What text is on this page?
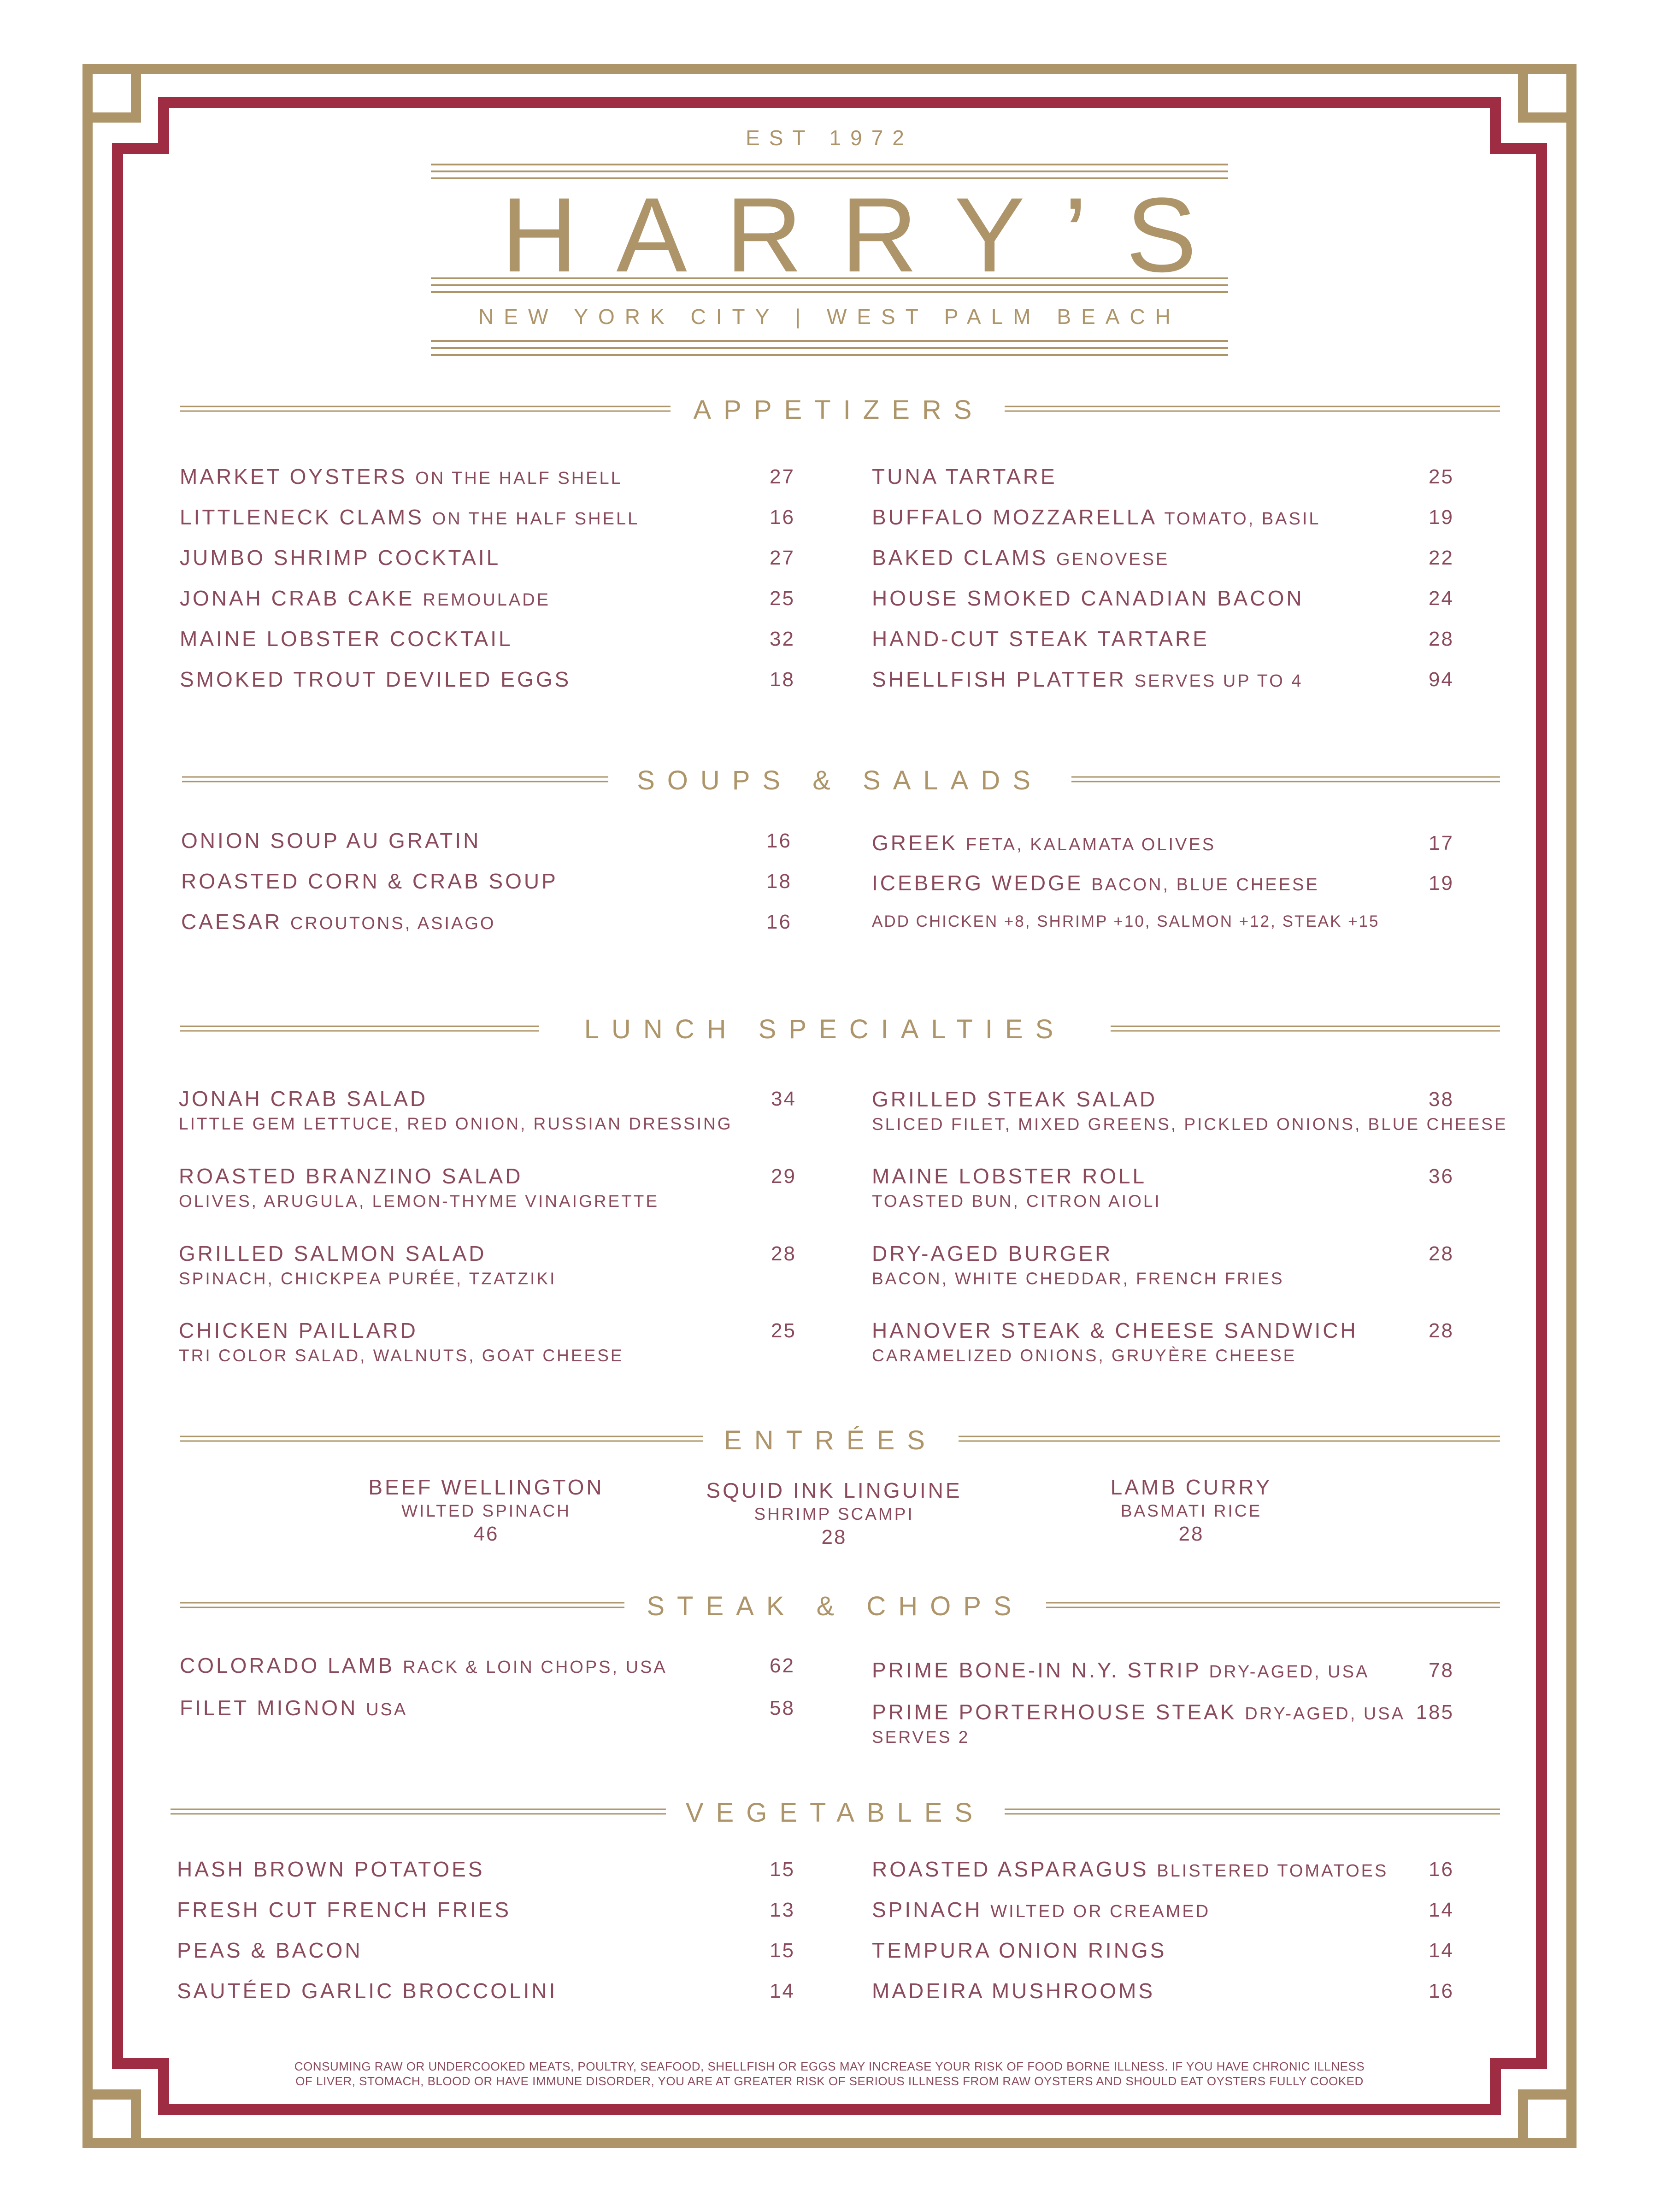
EST 1972
HARRY’S
NEW YORK CITY | WEST PALM BEACH
APPETIZERS
MARKET OYSTERS ON THE HALF SHELL	27
LITTLENECK CLAMS ON THE HALF SHELL	16
JUMBO SHRIMP COCKTAIL	27
JONAH CRAB CAKE REMOULADE	25
MAINE LOBSTER COCKTAIL	32
SMOKED TROUT DEVILED EGGS	18
TUNA TARTARE	25
BUFFALO MOZZARELLA TOMATO, BASIL	19
BAKED CLAMS GENOVESE	22
HOUSE SMOKED CANADIAN BACON	24
HAND-CUT STEAK TARTARE	28
SHELLFISH PLATTER SERVES UP TO 4	94
SOUPS & SALADS
ONION SOUP AU GRATIN	16
ROASTED CORN & CRAB SOUP	18
CAESAR CROUTONS, ASIAGO	16
GREEK FETA, KALAMATA OLIVES	17
ICEBERG WEDGE BACON, BLUE CHEESE	19
ADD CHICKEN +8, SHRIMP +10, SALMON +12, STEAK +15
LUNCH SPECIALTIES
JONAH CRAB SALAD
LITTLE GEM LETTUCE, RED ONION, RUSSIAN DRESSING
34
ROASTED BRANZINO SALAD
OLIVES, ARUGULA, LEMON-THYME VINAIGRETTE
29
GRILLED SALMON SALAD
SPINACH, CHICKPEA PURÉE, TZATZIKI
28
CHICKEN PAILLARD
TRI COLOR SALAD, WALNUTS, GOAT CHEESE
25
GRILLED STEAK SALAD
SLICED FILET, MIXED GREENS, PICKLED ONIONS, BLUE CHEESE
38
MAINE LOBSTER ROLL
TOASTED BUN, CITRON AIOLI
36
DRY-AGED BURGER
BACON, WHITE CHEDDAR, FRENCH FRIES
28
HANOVER STEAK & CHEESE SANDWICH
CARAMELIZED ONIONS, GRUYÈRE CHEESE
28
ENTRÉES
BEEF WELLINGTON
WILTED SPINACH
46
SQUID INK LINGUINE
SHRIMP SCAMPI
28
LAMB CURRY
BASMATI RICE
28
STEAK & CHOPS
COLORADO LAMB RACK & LOIN CHOPS, USA	62
FILET MIGNON USA	58
PRIME BONE-IN N.Y. STRIP DRY-AGED, USA	78
PRIME PORTERHOUSE STEAK DRY-AGED, USA 185
SERVES 2
VEGETABLES
HASH BROWN POTATOES	15
FRESH CUT FRENCH FRIES	13
PEAS & BACON	15
SAUTÉED GARLIC BROCCOLINI	14
ROASTED ASPARAGUS BLISTERED TOMATOES	16
SPINACH WILTED OR CREAMED	14
TEMPURA ONION RINGS	14
MADEIRA MUSHROOMS	16
CONSUMING RAW OR UNDERCOOKED MEATS, POULTRY, SEAFOOD, SHELLFISH OR EGGS MAY INCREASE YOUR RISK OF FOOD BORNE ILLNESS. IF YOU HAVE CHRONIC ILLNESS
OF LIVER, STOMACH, BLOOD OR HAVE IMMUNE DISORDER, YOU ARE AT GREATER RISK OF SERIOUS ILLNESS FROM RAW OYSTERS AND SHOULD EAT OYSTERS FULLY COOKED
